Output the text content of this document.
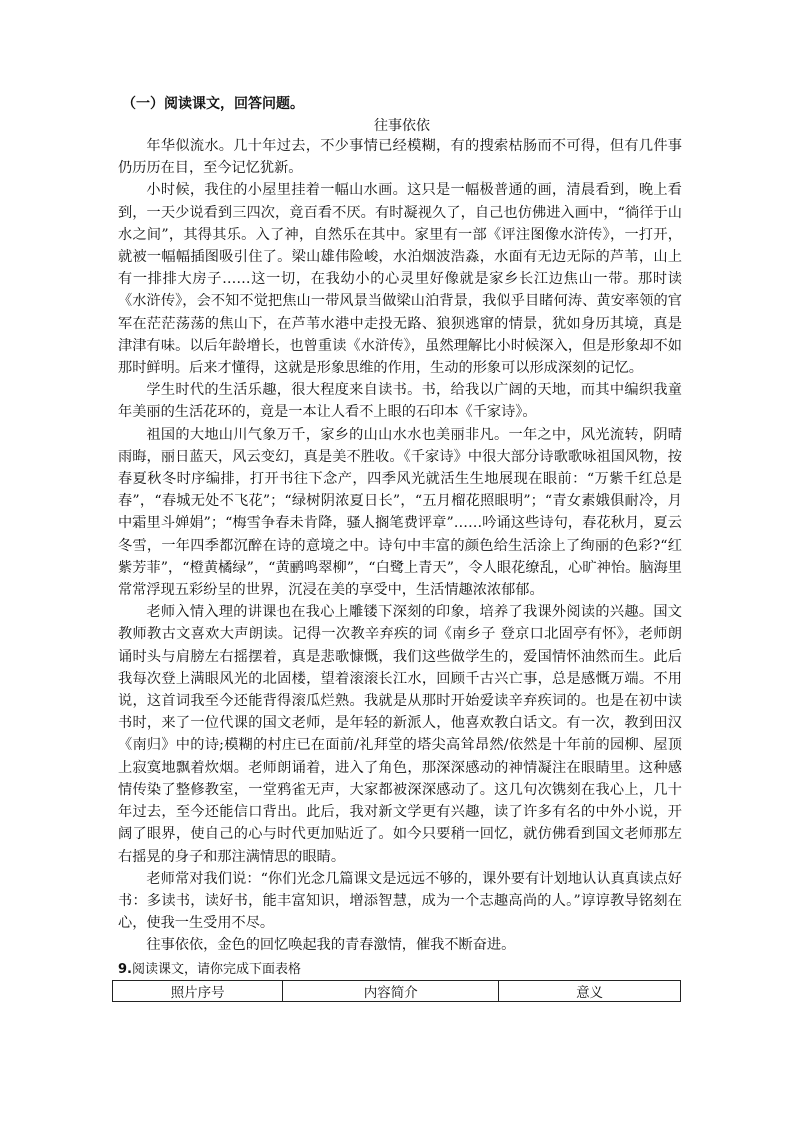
（一）阅读课文，回答问题。
往事依依

年华似流水。几十年过去，不少事情已经模糊，有的搜索枯肠而不可得，但有几件事仍历历在目，至今记忆犹新。

小时候，我住的小屋里挂着一幅山水画。这只是一幅极普通的画，清晨看到，晚上看到，一天少说看到三四次，竟百看不厌。有时凝视久了，自己也仿佛进入画中，“徜徉于山水之间”，其得其乐。入了神，自然乐在其中。家里有一部《评注图像水浒传》，一打开，就被一幅幅插图吸引住了。梁山雄伟险峻，水泊烟波浩淼，水面有无边无际的芦苇，山上有一排排大房子……这一切，在我幼小的心灵里好像就是家乡长江边焦山一带。那时读《水浒传》，会不知不觉把焦山一带风景当做梁山泊背景，我似乎目睹何涛、黄安率领的官军在茫茫荡荡的焦山下，在芦苇水港中走投无路、狼狈逃窜的情景，犹如身历其境，真是津津有味。以后年龄增长，也曾重读《水浒传》，虽然理解比小时候深入，但是形象却不如那时鲜明。后来才懂得，这就是形象思维的作用，生动的形象可以形成深刻的记忆。

学生时代的生活乐趣，很大程度来自读书。书，给我以广阔的天地，而其中编织我童年美丽的生活花环的，竟是一本让人看不上眼的石印本《千家诗》。

祖国的大地山川气象万千，家乡的山山水水也美丽非凡。一年之中，风光流转，阴晴雨晦，丽日蓝天，风云变幻，真是美不胜收。《千家诗》中很大部分诗歌歌咏祖国风物，按春夏秋冬时序编排，打开书往下念产，四季风光就活生生地展现在眼前：“万紫千红总是春”，“春城无处不飞花”；“绿树阴浓夏日长”，“五月榴花照眼明”；“青女素娥俱耐冷，月中霜里斗婵娟”；“梅雪争春未肯降，骚人搁笔费评章”……吟诵这些诗句，春花秋月，夏云冬雪，一年四季都沉醉在诗的意境之中。诗句中丰富的颜色给生活涂上了绚丽的色彩?“红紫芳菲”，“橙黄橘绿”，“黄鹂鸣翠柳”，“白鹭上青天”，令人眼花缭乱，心旷神怡。脑海里常常浮现五彩纷呈的世界，沉浸在美的享受中，生活情趣浓浓郁郁。

老师入情入理的讲课也在我心上雕镂下深刻的印象，培养了我课外阅读的兴趣。国文教师教古文喜欢大声朗读。记得一次教辛弃疾的词《南乡子 登京口北固亭有怀》，老师朗诵时头与肩膀左右摇摆着，真是悲歌慷慨，我们这些做学生的，爱国情怀油然而生。此后我每次登上满眼风光的北固楼，望着滚滚长江水，回顾千古兴亡事，总是感慨万端。不用说，这首词我至今还能背得滚瓜烂熟。我就是从那时开始爱读辛弃疾词的。也是在初中读书时，来了一位代课的国文老师，是年轻的新派人，他喜欢教白话文。有一次，教到田汉《南归》中的诗;模糊的村庄已在面前/礼拜堂的塔尖高耸昂然/依然是十年前的园柳、屋顶上寂寞地飘着炊烟。老师朗诵着，进入了角色，那深深感动的神情凝注在眼睛里。这种感情传染了整修教室，一堂鸦雀无声，大家都被深深感动了。这几句次镌刻在我心上，几十年过去，至今还能信口背出。此后，我对新文学更有兴趣，读了许多有名的中外小说，开阔了眼界，使自己的心与时代更加贴近了。如今只要稍一回忆，就仿佛看到国文老师那左右摇晃的身子和那注满情思的眼睛。

老师常对我们说：“你们光念几篇课文是远远不够的，课外要有计划地认认真真读点好书：多读书，读好书，能丰富知识，增添智慧，成为一个志趣高尚的人。”谆谆教导铭刻在心，使我一生受用不尽。

往事依依，金色的回忆唤起我的青春激情，催我不断奋进。

9.阅读课文，请你完成下面表格
照片序号	内容简介	意义
